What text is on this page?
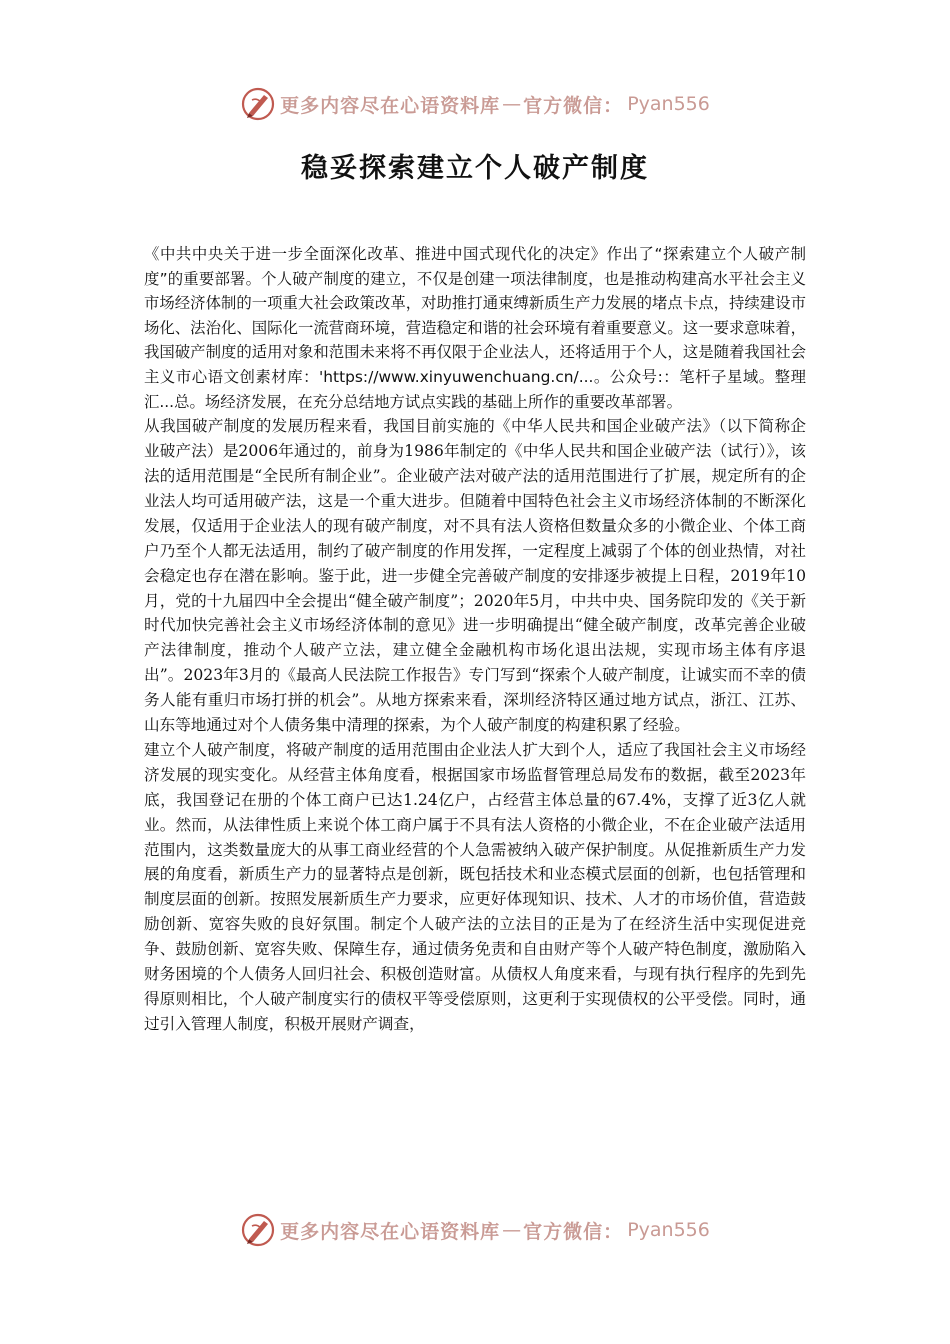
更多内容尽在心语资料库 — 官方微信： Pyan556
稳妥探索建立个人破产制度

《中共中央关于进一步全面深化改革、推进中国式现代化的决定》作出了“探索建立个人破产制度”的重要部署。个人破产制度的建立，不仅是创建一项法律制度，也是推动构建高水平社会主义市场经济体制的一项重大社会政策改革，对助推打通束缚新质生产力发展的堵点卡点，持续建设市场化、法治化、国际化一流营商环境，营造稳定和谐的社会环境有着重要意义。这一要求意味着，我国破产制度的适用对象和范围未来将不再仅限于企业法人，还将适用于个人，这是随着我国社会主义市心语文创素材库：'https://www.xinyuwenchuang.cn/...。公众号:：笔杆子星域。整理汇...总。场经济发展，在充分总结地方试点实践的基础上所作的重要改革部署。

从我国破产制度的发展历程来看，我国目前实施的《中华人民共和国企业破产法》（以下简称企业破产法）是2006年通过的，前身为1986年制定的《中华人民共和国企业破产法（试行）》，该法的适用范围是“全民所有制企业”。企业破产法对破产法的适用范围进行了扩展，规定所有的企业法人均可适用破产法，这是一个重大进步。但随着中国特色社会主义市场经济体制的不断深化发展，仅适用于企业法人的现有破产制度，对不具有法人资格但数量众多的小微企业、个体工商户乃至个人都无法适用，制约了破产制度的作用发挥，一定程度上减弱了个体的创业热情，对社会稳定也存在潜在影响。鉴于此，进一步健全完善破产制度的安排逐步被提上日程，2019年10月，党的十九届四中全会提出“健全破产制度”；2020年5月，中共中央、国务院印发的《关于新时代加快完善社会主义市场经济体制的意见》进一步明确提出“健全破产制度，改革完善企业破产法律制度，推动个人破产立法，建立健全金融机构市场化退出法规，实现市场主体有序退出”。2023年3月的《最高人民法院工作报告》专门写到“探索个人破产制度，让诚实而不幸的债务人能有重归市场打拼的机会”。从地方探索来看，深圳经济特区通过地方试点，浙江、江苏、山东等地通过对个人债务集中清理的探索，为个人破产制度的构建积累了经验。

建立个人破产制度，将破产制度的适用范围由企业法人扩大到个人，适应了我国社会主义市场经济发展的现实变化。从经营主体角度看，根据国家市场监督管理总局发布的数据，截至2023年底，我国登记在册的个体工商户已达1.24亿户，占经营主体总量的67.4%，支撑了近3亿人就业。然而，从法律性质上来说个体工商户属于不具有法人资格的小微企业，不在企业破产法适用范围内，这类数量庞大的从事工商业经营的个人急需被纳入破产保护制度。从促推新质生产力发展的角度看，新质生产力的显著特点是创新，既包括技术和业态模式层面的创新，也包括管理和制度层面的创新。按照发展新质生产力要求，应更好体现知识、技术、人才的市场价值，营造鼓励创新、宽容失败的良好氛围。制定个人破产法的立法目的正是为了在经济生活中实现促进竞争、鼓励创新、宽容失败、保障生存，通过债务免责和自由财产等个人破产特色制度，激励陷入财务困境的个人债务人回归社会、积极创造财富。从债权人角度来看，与现有执行程序的先到先得原则相比，个人破产制度实行的债权平等受偿原则，这更利于实现债权的公平受偿。同时，通过引入管理人制度，积极开展财产调查，

更多内容尽在心语资料库 — 官方微信： Pyan556
